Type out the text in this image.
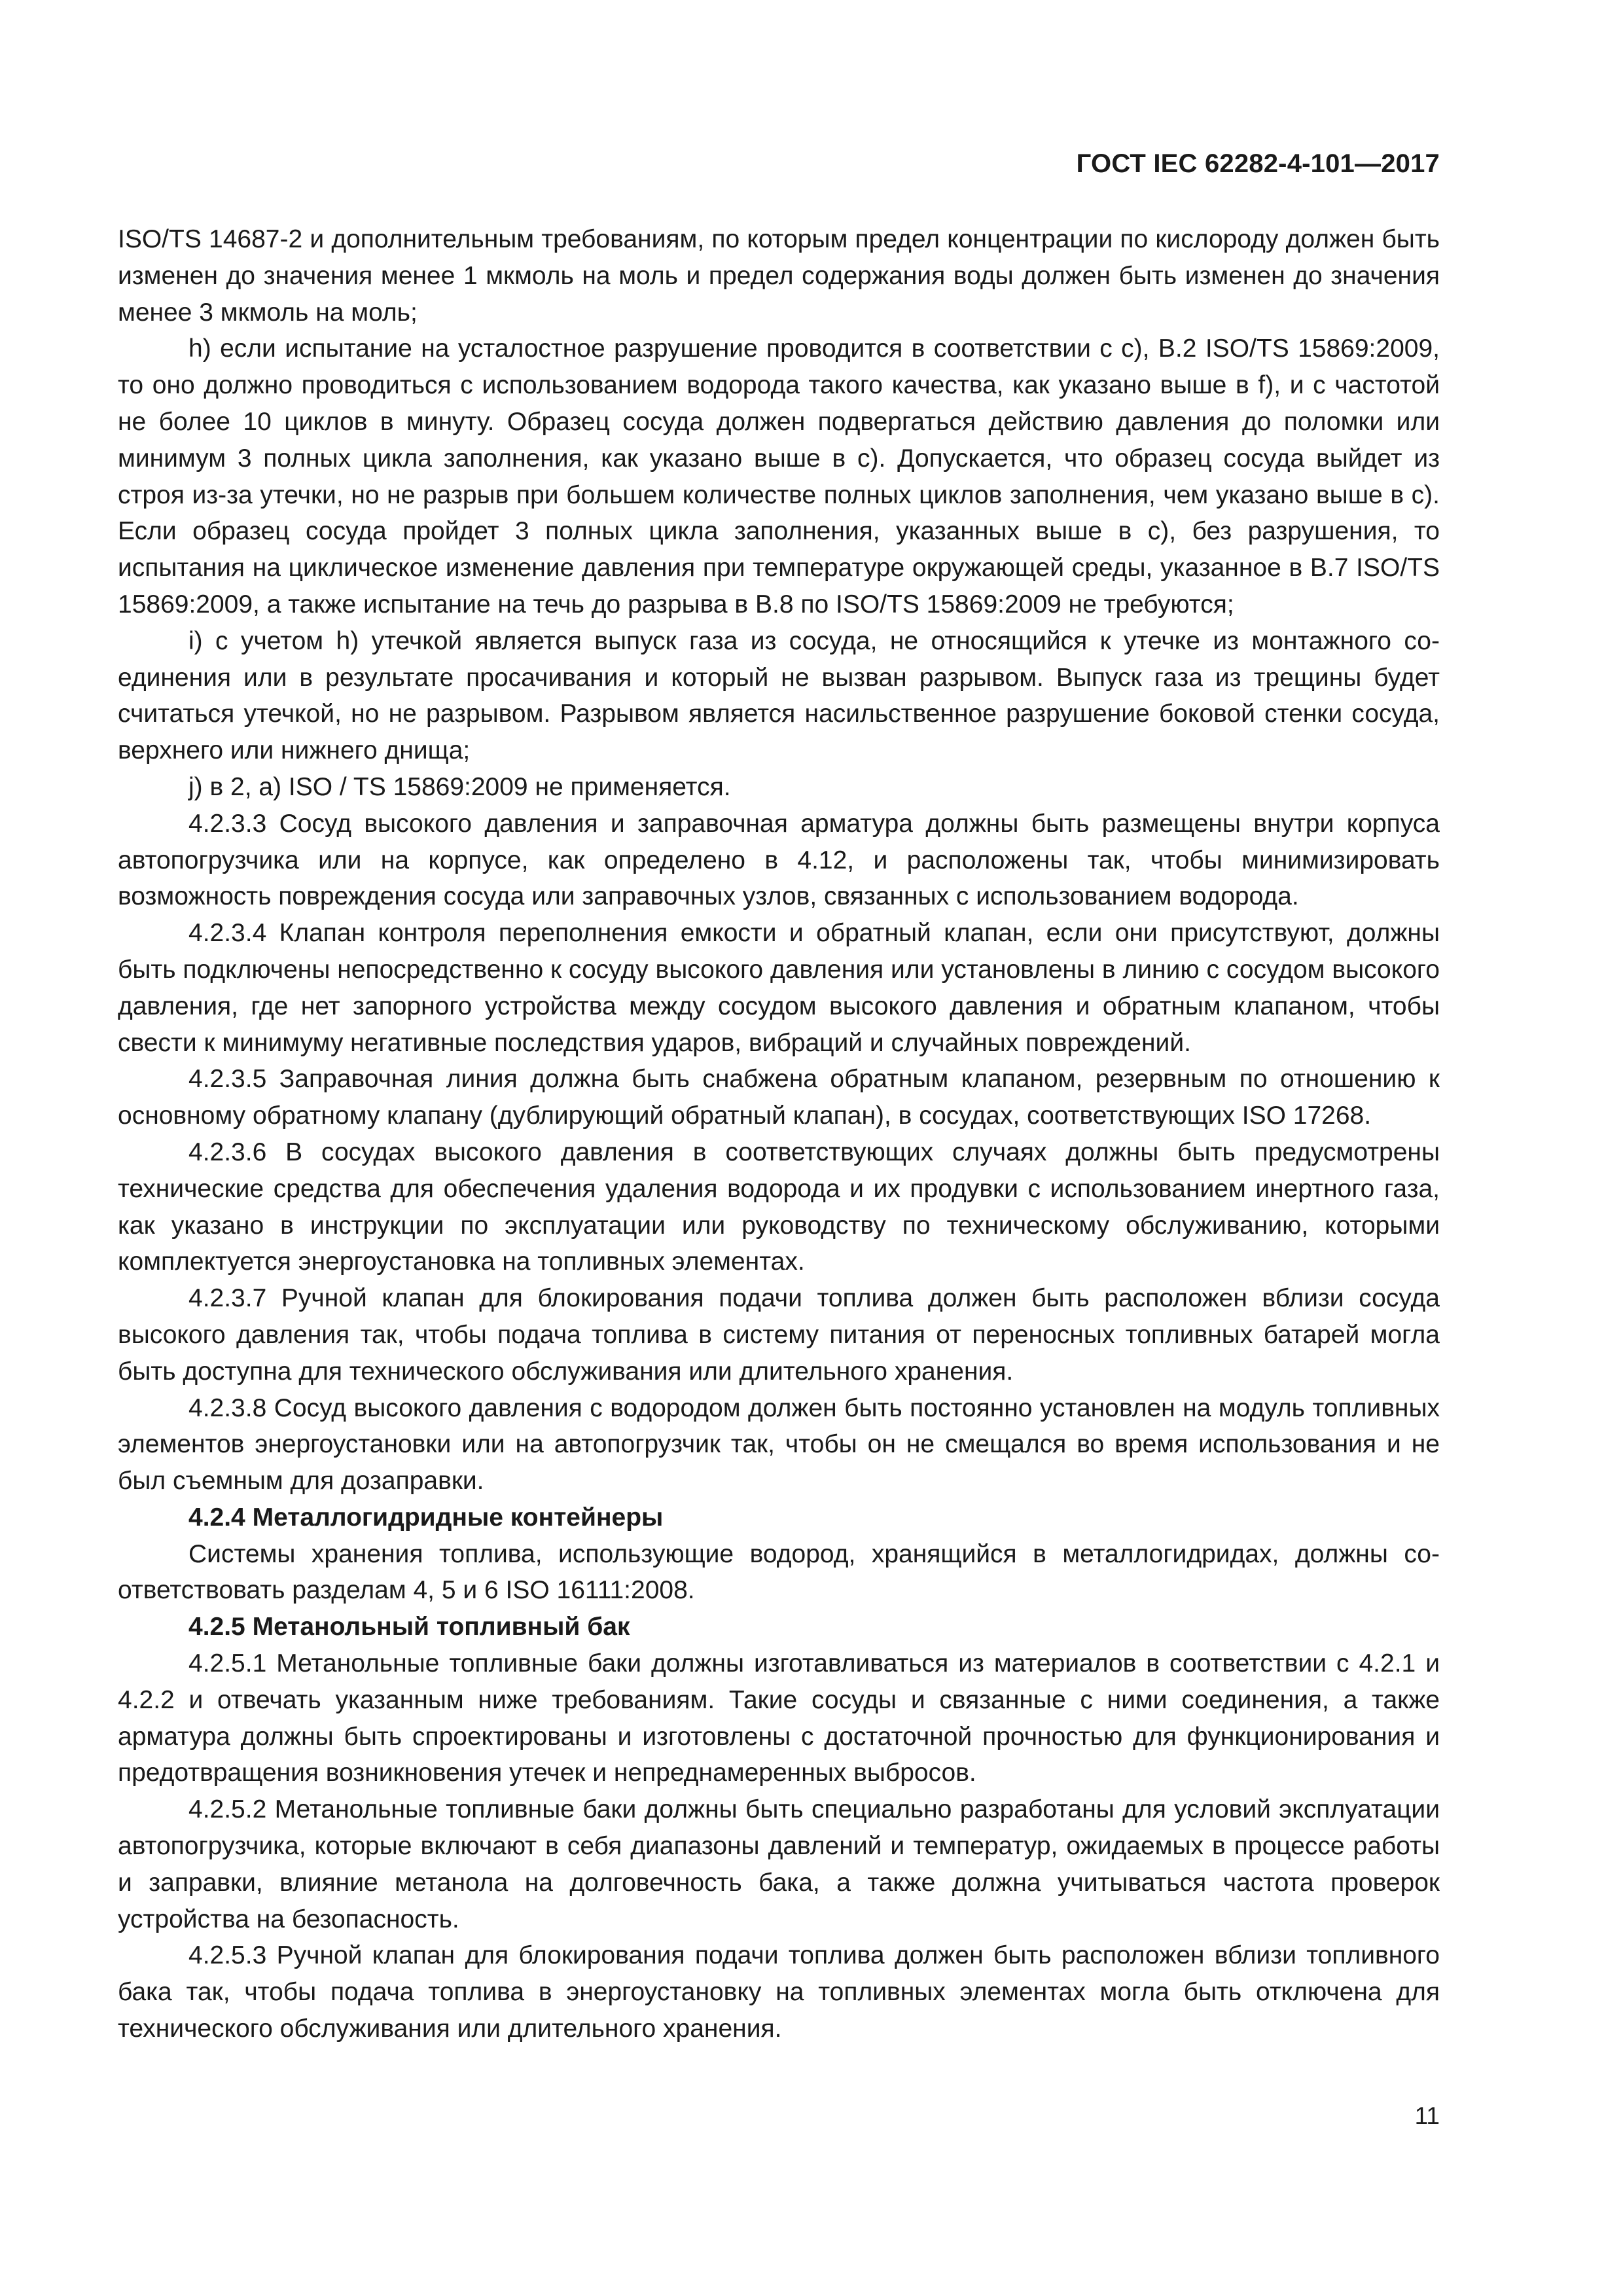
ГОСТ IEC 62282-4-101—2017

ISO/TS 14687-2 и дополнительным требованиям, по которым предел концентрации по кислороду должен быть изменен до значения менее 1 мкмоль на моль и предел содержания воды должен быть изменен до значения менее 3 мкмоль на моль;

h) если испытание на усталостное разрушение проводится в соответствии с с), В.2 ISO/TS 15869:2009, то оно должно проводиться с использованием водорода такого качества, как указано выше в f), и с частотой не более 10 циклов в минуту. Образец сосуда должен подвергаться действию давления до поломки или минимум 3 полных цикла заполнения, как указано выше в с). Допускается, что образец сосуда выйдет из строя из-за утечки, но не разрыв при большем количестве полных циклов заполнения, чем указано выше в с). Если образец сосуда пройдет 3 полных цикла заполнения, указанных выше в с), без разрушения, то испытания на циклическое изменение давления при температуре окружающей среды, указанное в В.7 ISO/TS 15869:2009, а также испытание на течь до разрыва в В.8 по ISO/TS 15869:2009 не требуются;

i) с учетом h) утечкой является выпуск газа из сосуда, не относящийся к утечке из монтажного соединения или в результате просачивания и который не вызван разрывом. Выпуск газа из трещины будет считаться утечкой, но не разрывом. Разрывом является насильственное разрушение боковой стенки сосуда, верхнего или нижнего днища;

j) в 2, а) ISO / TS 15869:2009 не применяется.

4.2.3.3 Сосуд высокого давления и заправочная арматура должны быть размещены внутри корпуса автопогрузчика или на корпусе, как определено в 4.12, и расположены так, чтобы минимизировать возможность повреждения сосуда или заправочных узлов, связанных с использованием водорода.

4.2.3.4 Клапан контроля переполнения емкости и обратный клапан, если они присутствуют, должны быть подключены непосредственно к сосуду высокого давления или установлены в линию с сосудом высокого давления, где нет запорного устройства между сосудом высокого давления и обратным клапаном, чтобы свести к минимуму негативные последствия ударов, вибраций и случайных повреждений.

4.2.3.5 Заправочная линия должна быть снабжена обратным клапаном, резервным по отношению к основному обратному клапану (дублирующий обратный клапан), в сосудах, соответствующих ISO 17268.

4.2.3.6 В сосудах высокого давления в соответствующих случаях должны быть предусмотрены технические средства для обеспечения удаления водорода и их продувки с использованием инертного газа, как указано в инструкции по эксплуатации или руководству по техническому обслуживанию, которыми комплектуется энергоустановка на топливных элементах.

4.2.3.7 Ручной клапан для блокирования подачи топлива должен быть расположен вблизи сосуда высокого давления так, чтобы подача топлива в систему питания от переносных топливных батарей могла быть доступна для технического обслуживания или длительного хранения.

4.2.3.8 Сосуд высокого давления с водородом должен быть постоянно установлен на модуль топливных элементов энергоустановки или на автопогрузчик так, чтобы он не смещался во время использования и не был съемным для дозаправки.

4.2.4 Металлогидридные контейнеры

Системы хранения топлива, использующие водород, хранящийся в металлогидридах, должны соответствовать разделам 4, 5 и 6 ISO 16111:2008.

4.2.5 Метанольный топливный бак

4.2.5.1 Метанольные топливные баки должны изготавливаться из материалов в соответствии с 4.2.1 и 4.2.2 и отвечать указанным ниже требованиям. Такие сосуды и связанные с ними соединения, а также арматура должны быть спроектированы и изготовлены с достаточной прочностью для функционирования и предотвращения возникновения утечек и непреднамеренных выбросов.

4.2.5.2 Метанольные топливные баки должны быть специально разработаны для условий эксплуатации автопогрузчика, которые включают в себя диапазоны давлений и температур, ожидаемых в процессе работы и заправки, влияние метанола на долговечность бака, а также должна учитываться частота проверок устройства на безопасность.

4.2.5.3 Ручной клапан для блокирования подачи топлива должен быть расположен вблизи топливного бака так, чтобы подача топлива в энергоустановку на топливных элементах могла быть отключена для технического обслуживания или длительного хранения.

11
